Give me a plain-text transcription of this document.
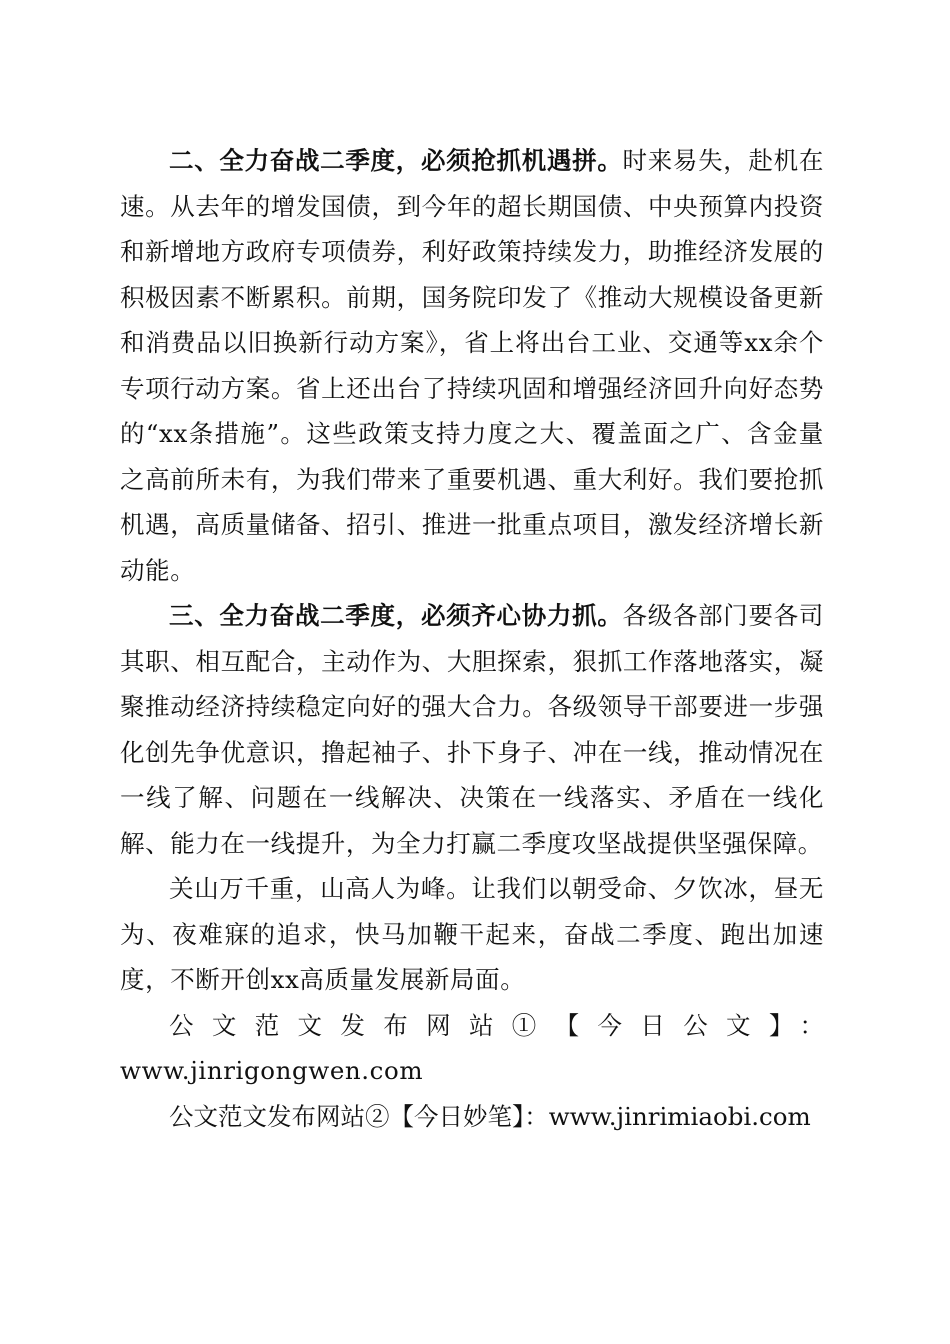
二、全力奋战二季度，必须抢抓机遇拼。时来易失，赴机在速。从去年的增发国债，到今年的超长期国债、中央预算内投资和新增地方政府专项债券，利好政策持续发力，助推经济发展的积极因素不断累积。前期，国务院印发了《推动大规模设备更新和消费品以旧换新行动方案》，省上将出台工业、交通等xx余个专项行动方案。省上还出台了持续巩固和增强经济回升向好态势的“xx条措施”。这些政策支持力度之大、覆盖面之广、含金量之高前所未有，为我们带来了重要机遇、重大利好。我们要抢抓机遇，高质量储备、招引、推进一批重点项目，激发经济增长新动能。

三、全力奋战二季度，必须齐心协力抓。各级各部门要各司其职、相互配合，主动作为、大胆探索，狠抓工作落地落实，凝聚推动经济持续稳定向好的强大合力。各级领导干部要进一步强化创先争优意识，撸起袖子、扑下身子、冲在一线，推动情况在一线了解、问题在一线解决、决策在一线落实、矛盾在一线化解、能力在一线提升，为全力打赢二季度攻坚战提供坚强保障。

关山万千重，山高人为峰。让我们以朝受命、夕饮冰，昼无为、夜难寐的追求，快马加鞭干起来，奋战二季度、跑出加速度，不断开创xx高质量发展新局面。

公文范文发布网站①【今日公文】：
www.jinrigongwen.com

公文范文发布网站②【今日妙笔】：www.jinrimiaobi.com
